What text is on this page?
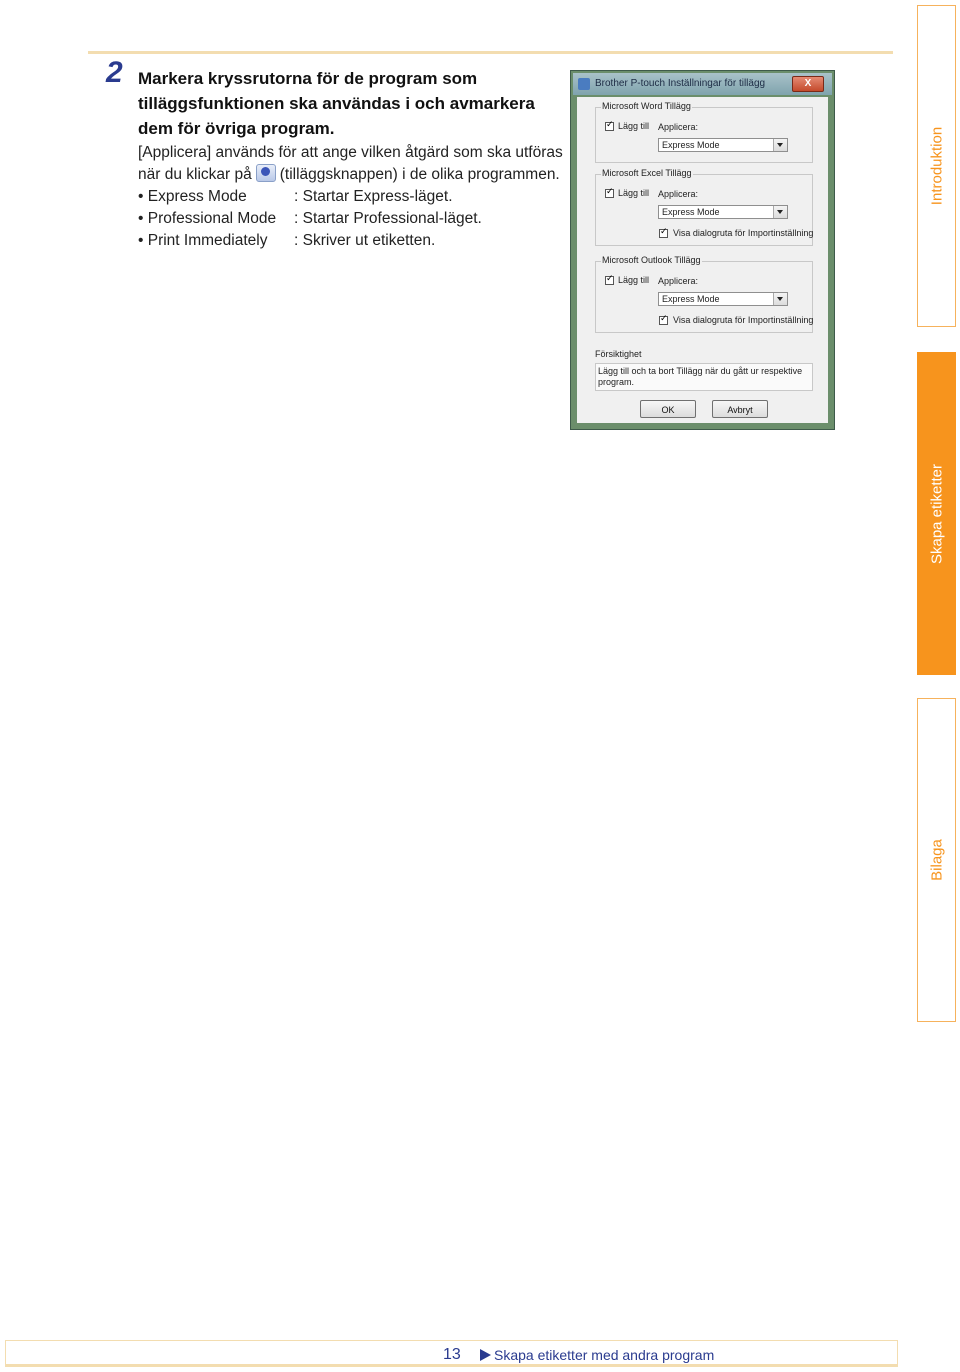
2 Markera kryssrutorna för de program som tilläggsfunktionen ska användas i och avmarkera dem för övriga program.

[Applicera] används för att ange vilken åtgärd som ska utföras när du klickar på (tilläggsknappen) i de olika programmen.

• Express Mode	: Startar Express-läget.
• Professional Mode	: Startar Professional-läget.
• Print Immediately	: Skriver ut etiketten.
Brother P-touch Inställningar för tillägg	X
Microsoft Word Tillägg
✓
Lägg till Applicera:
Express Mode
Microsoft Excel Tillägg
✓
Lägg till Applicera:
Express Mode
✓
Visa dialogruta för Importinställning
Microsoft Outlook Tillägg
✓
Lägg till Applicera:
Express Mode
✓
Visa dialogruta för Importinställning
Försiktighet
Lägg till och ta bort Tillägg när du gått ur respektive program.
OK	Avbryt
Introduktion
Skapa etiketter
Bilaga
13 Skapa etiketter med andra program
